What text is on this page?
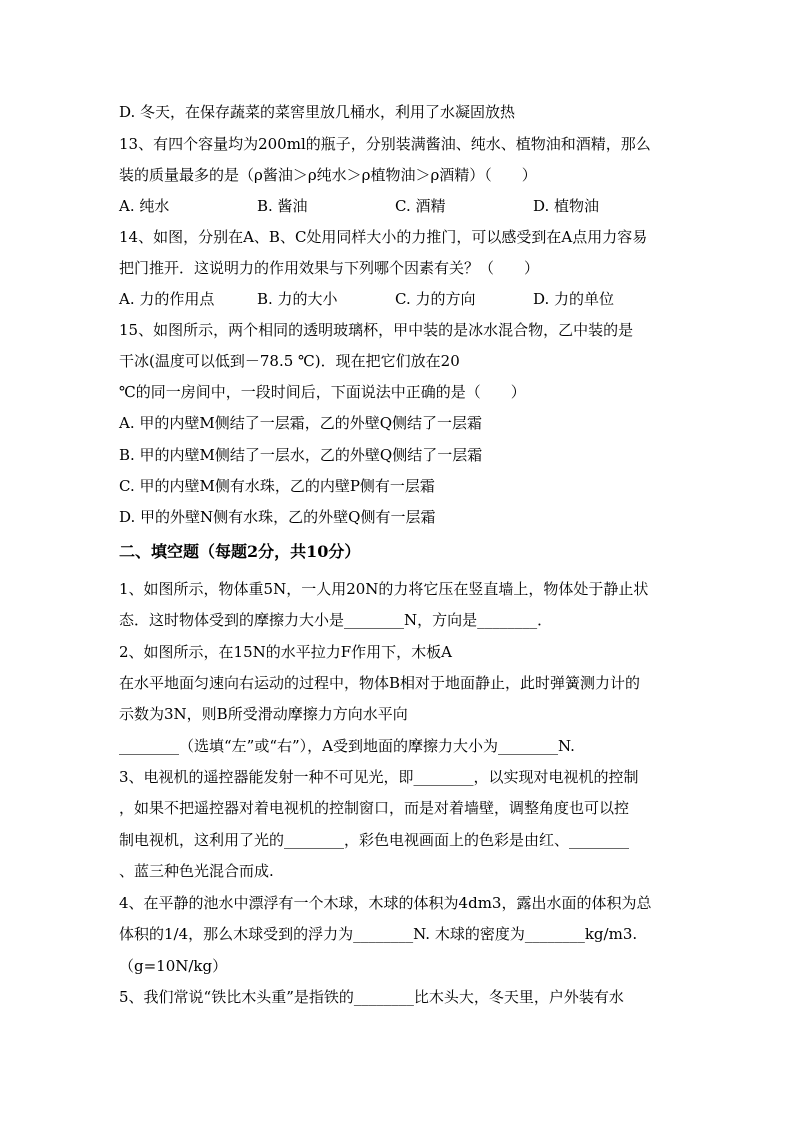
D. 冬天，在保存蔬菜的菜窖里放几桶水，利用了水凝固放热
13、有四个容量均为200ml的瓶子，分别装满酱油、纯水、植物油和酒精，那么
装的质量最多的是（ρ酱油＞ρ纯水＞ρ植物油＞ρ酒精）（　　）
A. 纯水	B. 酱油	C. 酒精	D. 植物油
14、如图，分别在A、B、C处用同样大小的力推门，可以感受到在A点用力容易
把门推开．这说明力的作用效果与下列哪个因素有关？（　　）
A. 力的作用点	B. 力的大小	C. 力的方向	D. 力的单位
15、如图所示，两个相同的透明玻璃杯，甲中装的是冰水混合物，乙中装的是
干冰(温度可以低到－78.5 ℃)．现在把它们放在20
℃的同一房间中，一段时间后，下面说法中正确的是（　　）
A. 甲的内壁M侧结了一层霜，乙的外壁Q侧结了一层霜
B. 甲的内壁M侧结了一层水，乙的外壁Q侧结了一层霜
C. 甲的内壁M侧有水珠，乙的内壁P侧有一层霜
D. 甲的外壁N侧有水珠，乙的外壁Q侧有一层霜
二、填空题（每题2分，共10分）
1、如图所示，物体重5N，一人用20N的力将它压在竖直墙上，物体处于静止状
态．这时物体受到的摩擦力大小是________N，方向是________．
2、如图所示，在15N的水平拉力F作用下，木板A
在水平地面匀速向右运动的过程中，物体B相对于地面静止，此时弹簧测力计的
示数为3N，则B所受滑动摩擦力方向水平向
________（选填“左”或“右”），A受到地面的摩擦力大小为________N.
3、电视机的遥控器能发射一种不可见光，即________，以实现对电视机的控制
，如果不把遥控器对着电视机的控制窗口，而是对着墙壁，调整角度也可以控
制电视机，这利用了光的________，彩色电视画面上的色彩是由红、________
、蓝三种色光混合而成.
4、在平静的池水中漂浮有一个木球，木球的体积为4dm3，露出水面的体积为总
体积的1/4，那么木球受到的浮力为________N. 木球的密度为________kg/m3.
（g=10N/kg）
5、我们常说“铁比木头重”是指铁的________比木头大，冬天里，户外装有水
